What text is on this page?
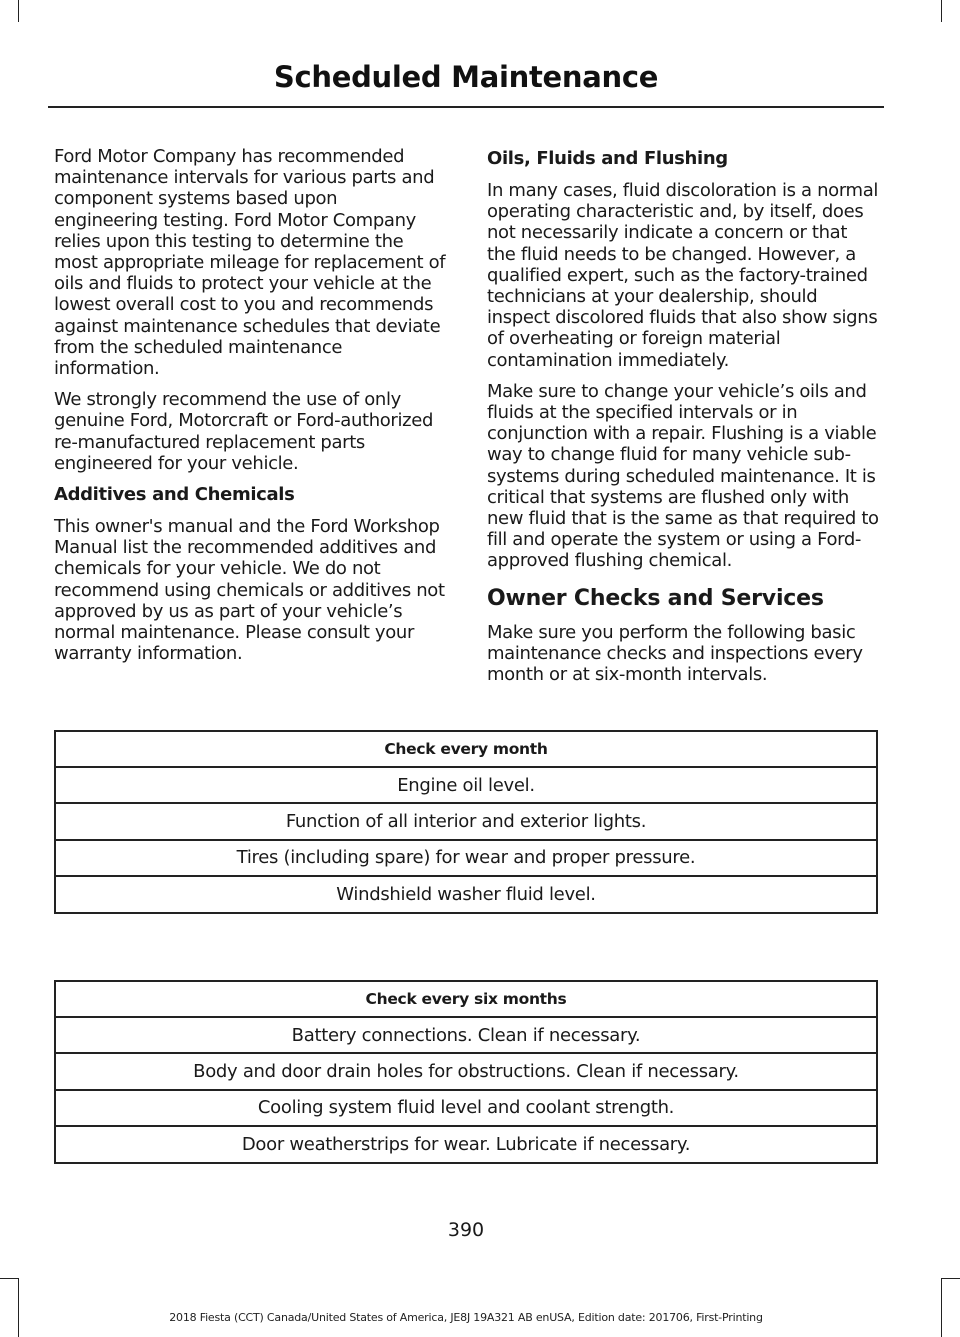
Scheduled Maintenance

Ford Motor Company has recommended maintenance intervals for various parts and component systems based upon engineering testing. Ford Motor Company relies upon this testing to determine the most appropriate mileage for replacement of oils and fluids to protect your vehicle at the lowest overall cost to you and recommends against maintenance schedules that deviate from the scheduled maintenance information.

We strongly recommend the use of only genuine Ford, Motorcraft or Ford-authorized re-manufactured replacement parts engineered for your vehicle.

Additives and Chemicals

This owner's manual and the Ford Workshop Manual list the recommended additives and chemicals for your vehicle. We do not recommend using chemicals or additives not approved by us as part of your vehicle’s normal maintenance. Please consult your warranty information.

Oils, Fluids and Flushing

In many cases, fluid discoloration is a normal operating characteristic and, by itself, does not necessarily indicate a concern or that the fluid needs to be changed. However, a qualified expert, such as the factory-trained technicians at your dealership, should inspect discolored fluids that also show signs of overheating or foreign material contamination immediately.

Make sure to change your vehicle’s oils and fluids at the specified intervals or in conjunction with a repair. Flushing is a viable way to change fluid for many vehicle sub-systems during scheduled maintenance. It is critical that systems are flushed only with new fluid that is the same as that required to fill and operate the system or using a Ford-approved flushing chemical.

Owner Checks and Services

Make sure you perform the following basic maintenance checks and inspections every month or at six-month intervals.

Check every month
Engine oil level.
Function of all interior and exterior lights.
Tires (including spare) for wear and proper pressure.
Windshield washer fluid level.
Check every six months
Battery connections. Clean if necessary.
Body and door drain holes for obstructions. Clean if necessary.
Cooling system fluid level and coolant strength.
Door weatherstrips for wear. Lubricate if necessary.
390
2018 Fiesta (CCT) Canada/United States of America, JE8J 19A321 AB enUSA, Edition date: 201706, First-Printing
